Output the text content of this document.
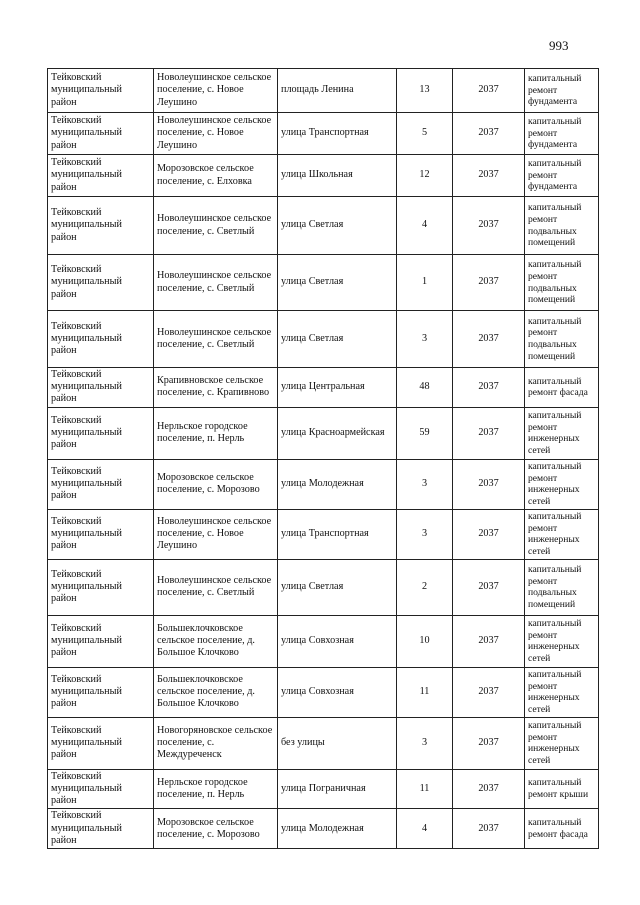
993
Тейковский муниципальный район	Новолеушинское сельское поселение, с. Новое Леушино	площадь Ленина	13	2037	капитальный ремонт фундамента
Тейковский муниципальный район	Новолеушинское сельское поселение, с. Новое Леушино	улица Транспортная	5	2037	капитальный ремонт фундамента
Тейковский муниципальный район	Морозовское сельское поселение, с. Елховка	улица Школьная	12	2037	капитальный ремонт фундамента
Тейковский муниципальный район	Новолеушинское сельское поселение, с. Светлый	улица Светлая	4	2037	капитальный ремонт подвальных помещений
Тейковский муниципальный район	Новолеушинское сельское поселение, с. Светлый	улица Светлая	1	2037	капитальный ремонт подвальных помещений
Тейковский муниципальный район	Новолеушинское сельское поселение, с. Светлый	улица Светлая	3	2037	капитальный ремонт подвальных помещений
Тейковский муниципальный район	Крапивновское сельское поселение, с. Крапивново	улица Центральная	48	2037	капитальный ремонт фасада
Тейковский муниципальный район	Нерльское городское поселение, п. Нерль	улица Красноармейская	59	2037	капитальный ремонт инженерных сетей
Тейковский муниципальный район	Морозовское сельское поселение, с. Морозово	улица Молодежная	3	2037	капитальный ремонт инженерных сетей
Тейковский муниципальный район	Новолеушинское сельское поселение, с. Новое Леушино	улица Транспортная	3	2037	капитальный ремонт инженерных сетей
Тейковский муниципальный район	Новолеушинское сельское поселение, с. Светлый	улица Светлая	2	2037	капитальный ремонт подвальных помещений
Тейковский муниципальный район	Большеклочковское сельское поселение, д. Большое Клочково	улица Совхозная	10	2037	капитальный ремонт инженерных сетей
Тейковский муниципальный район	Большеклочковское сельское поселение, д. Большое Клочково	улица Совхозная	11	2037	капитальный ремонт инженерных сетей
Тейковский муниципальный район	Новогоряновское сельское поселение, с. Междуреченск	без улицы	3	2037	капитальный ремонт инженерных сетей
Тейковский муниципальный район	Нерльское городское поселение, п. Нерль	улица Пограничная	11	2037	капитальный ремонт крыши
Тейковский муниципальный район	Морозовское сельское поселение, с. Морозово	улица Молодежная	4	2037	капитальный ремонт фасада
